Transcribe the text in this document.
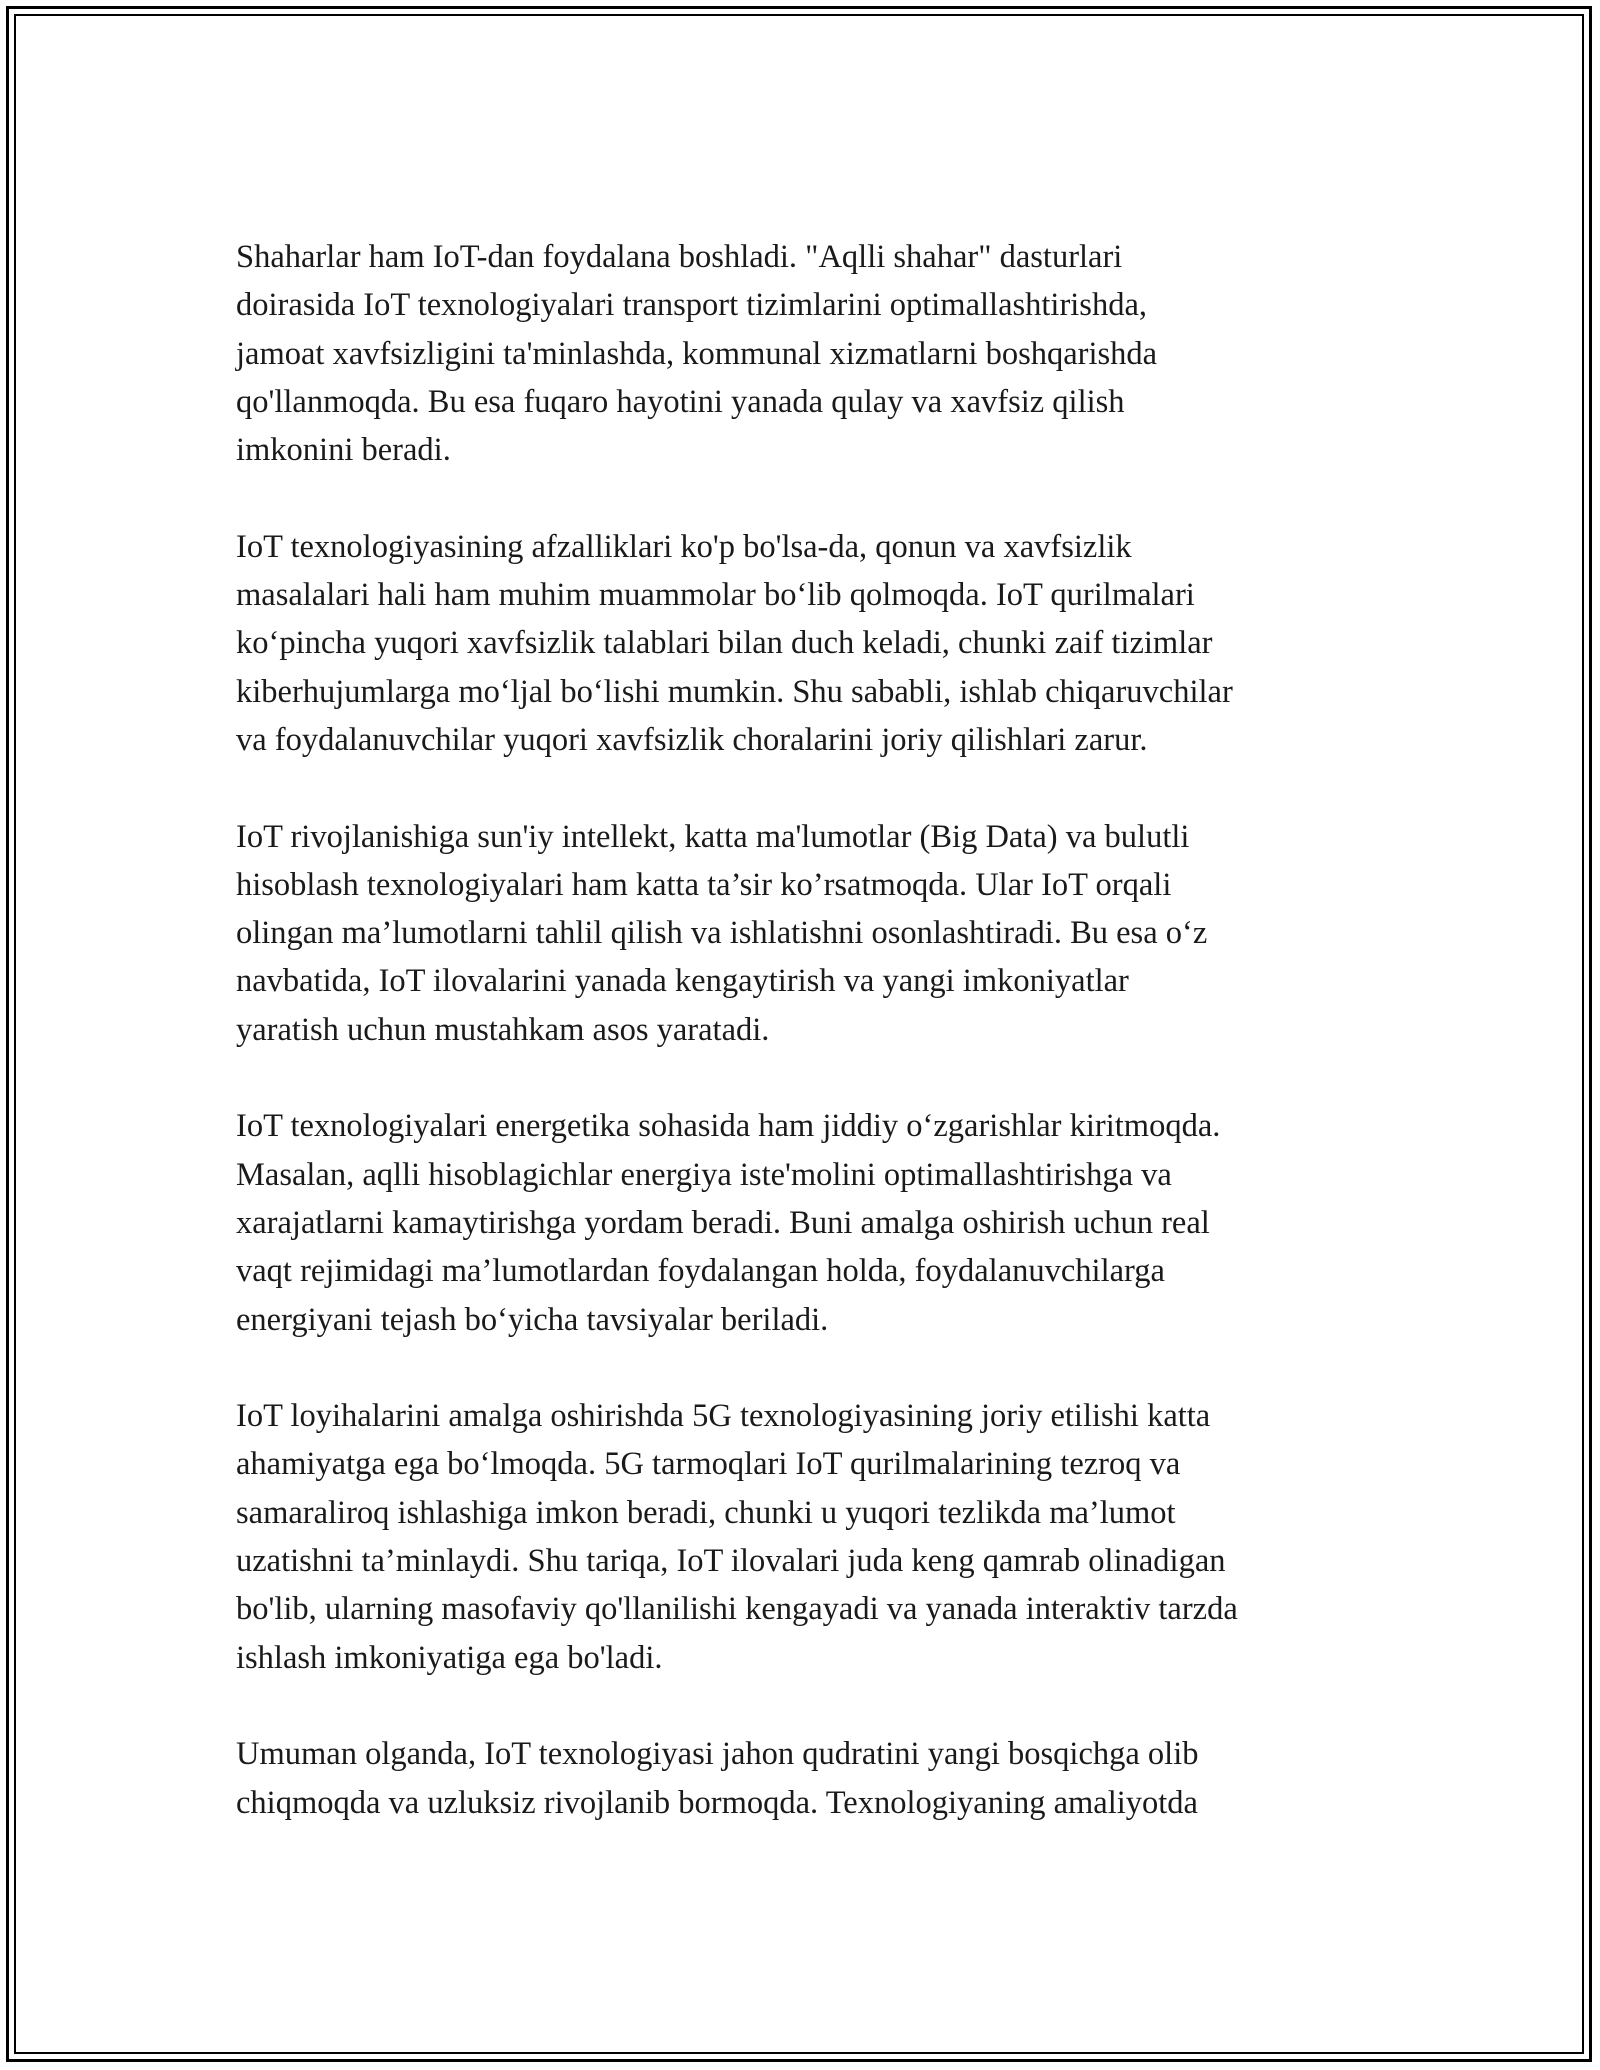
Shaharlar ham IoT-dan foydalana boshladi. "Aqlli shahar" dasturlari
doirasida IoT texnologiyalari transport tizimlarini optimallashtirishda,
jamoat xavfsizligini ta'minlashda, kommunal xizmatlarni boshqarishda
qo'llanmoqda. Bu esa fuqaro hayotini yanada qulay va xavfsiz qilish
imkonini beradi.

IoT texnologiyasining afzalliklari ko'p bo'lsa-da, qonun va xavfsizlik
masalalari hali ham muhim muammolar boʻlib qolmoqda. IoT qurilmalari
koʻpincha yuqori xavfsizlik talablari bilan duch keladi, chunki zaif tizimlar
kiberhujumlarga moʻljal boʻlishi mumkin. Shu sababli, ishlab chiqaruvchilar
va foydalanuvchilar yuqori xavfsizlik choralarini joriy qilishlari zarur.

IoT rivojlanishiga sun'iy intellekt, katta ma'lumotlar (Big Data) va bulutli
hisoblash texnologiyalari ham katta ta’sir ko’rsatmoqda. Ular IoT orqali
olingan ma’lumotlarni tahlil qilish va ishlatishni osonlashtiradi. Bu esa oʻz
navbatida, IoT ilovalarini yanada kengaytirish va yangi imkoniyatlar
yaratish uchun mustahkam asos yaratadi.

IoT texnologiyalari energetika sohasida ham jiddiy oʻzgarishlar kiritmoqda.
Masalan, aqlli hisoblagichlar energiya iste'molini optimallashtirishga va
xarajatlarni kamaytirishga yordam beradi. Buni amalga oshirish uchun real
vaqt rejimidagi ma’lumotlardan foydalangan holda, foydalanuvchilarga
energiyani tejash boʻyicha tavsiyalar beriladi.

IoT loyihalarini amalga oshirishda 5G texnologiyasining joriy etilishi katta
ahamiyatga ega boʻlmoqda. 5G tarmoqlari IoT qurilmalarining tezroq va
samaraliroq ishlashiga imkon beradi, chunki u yuqori tezlikda ma’lumot
uzatishni ta’minlaydi. Shu tariqa, IoT ilovalari juda keng qamrab olinadigan
bo'lib, ularning masofaviy qo'llanilishi kengayadi va yanada interaktiv tarzda
ishlash imkoniyatiga ega bo'ladi.

Umuman olganda, IoT texnologiyasi jahon qudratini yangi bosqichga olib
chiqmoqda va uzluksiz rivojlanib bormoqda. Texnologiyaning amaliyotda
